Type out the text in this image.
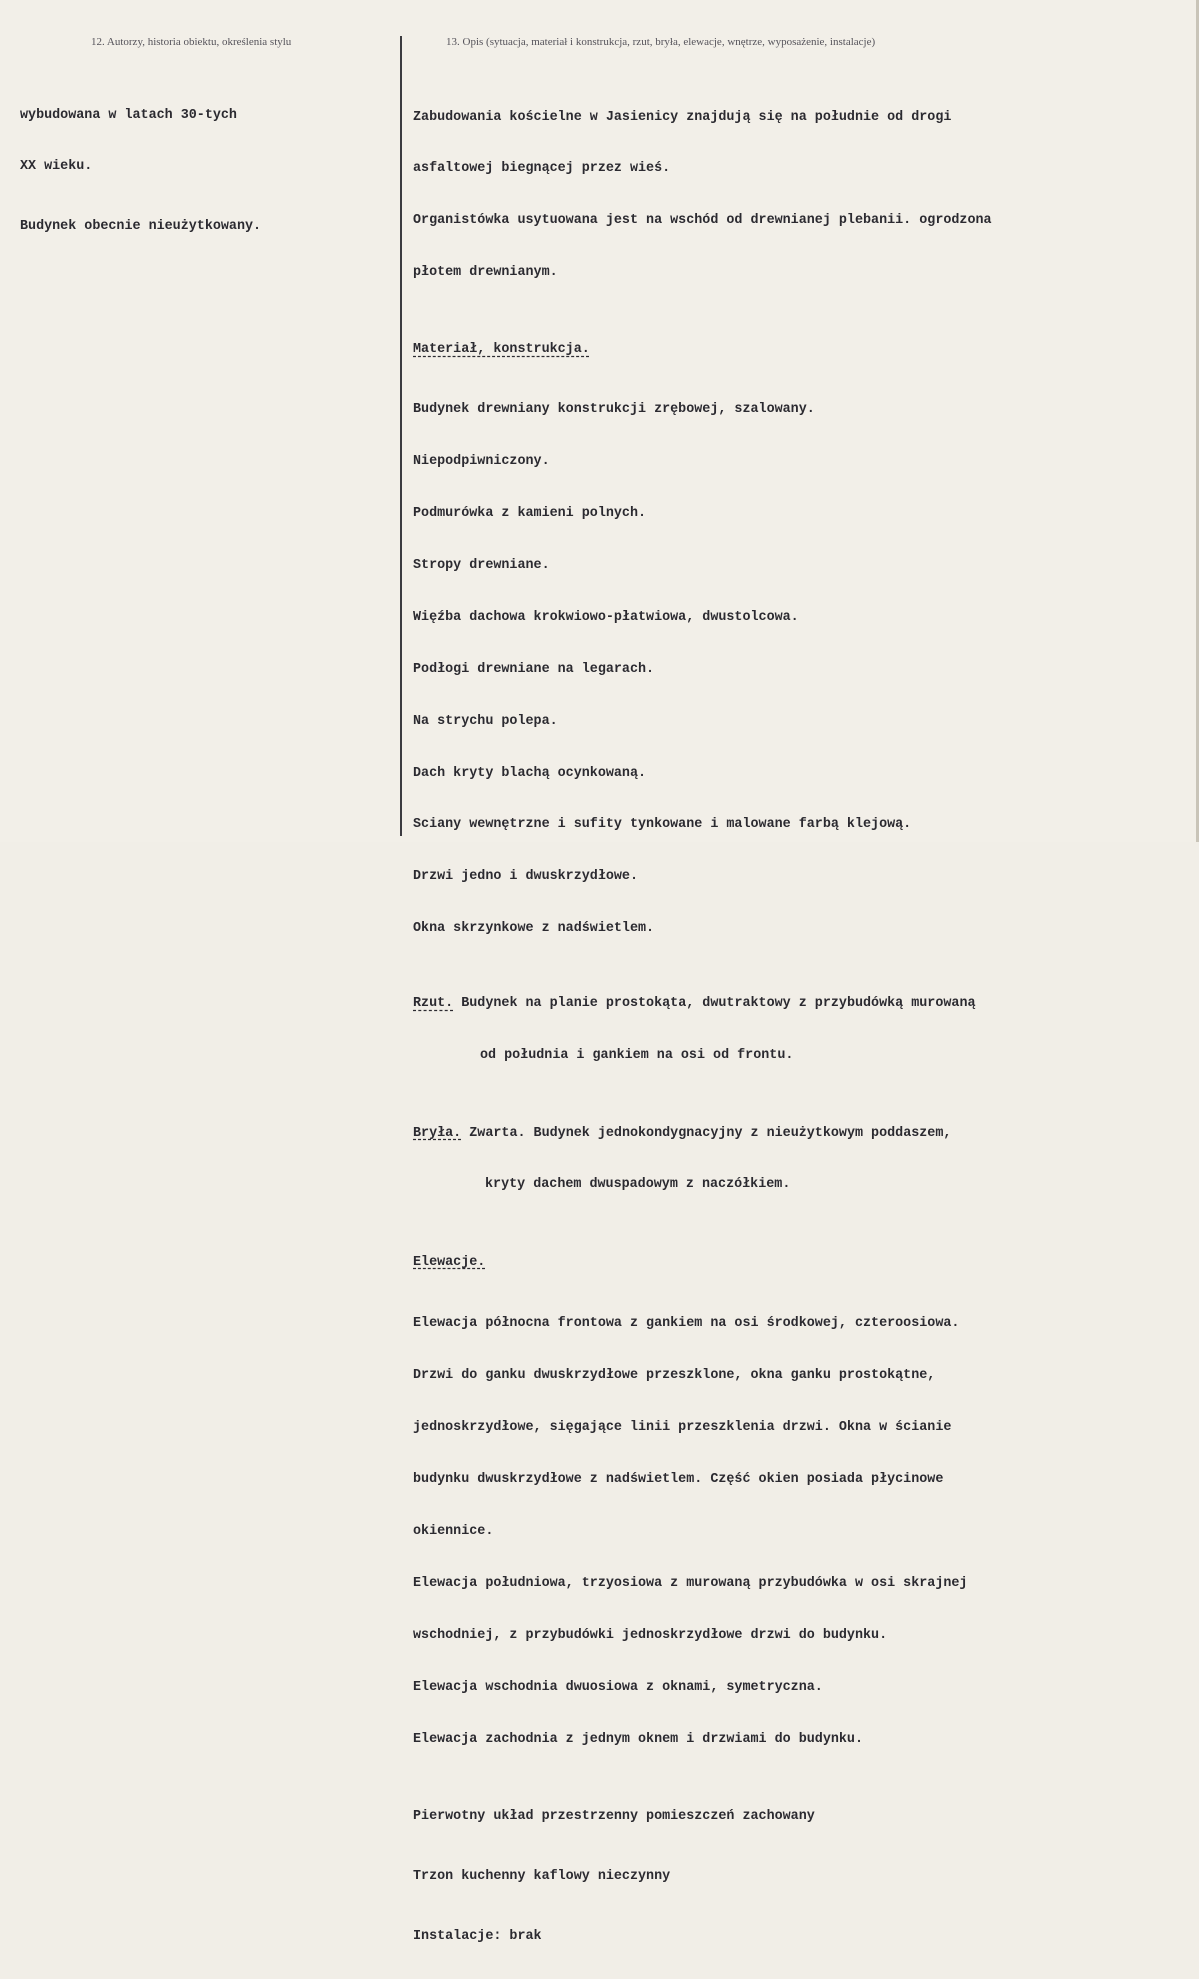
12. Autorzy, historia obiektu, określenia stylu	13. Opis (sytuacja, materiał i konstrukcja, rzut, bryła, elewacje, wnętrze, wyposażenie, instalacje)

wybudowana w latach 30-tych

XX wieku.

Budynek obecnie nieużytkowany.

Zabudowania kościelne w Jasienicy znajdują się na południe od drogi

asfaltowej biegnącej przez wieś.

Organistówka usytuowana jest na wschód od drewnianej plebanii. ogrodzona

płotem drewnianym.

Materiał, konstrukcja.

Budynek drewniany konstrukcji zrębowej, szalowany.

Niepodpiwniczony.

Podmurówka z kamieni polnych.

Stropy drewniane.

Więźba dachowa krokwiowo-płatwiowa, dwustolcowa.

Podłogi drewniane na legarach.

Na strychu polepa.

Dach kryty blachą ocynkowaną.

Sciany wewnętrzne i sufity tynkowane i malowane farbą klejową.

Drzwi jedno i dwuskrzydłowe.

Okna skrzynkowe z nadświetlem.

Rzut. Budynek na planie prostokąta, dwutraktowy z przybudówką murowaną

od południa i gankiem na osi od frontu.

Bryła. Zwarta. Budynek jednokondygnacyjny z nieużytkowym poddaszem,

kryty dachem dwuspadowym z naczółkiem.

Elewacje.

Elewacja północna frontowa z gankiem na osi środkowej, czteroosiowa.

Drzwi do ganku dwuskrzydłowe przeszklone, okna ganku prostokątne,

jednoskrzydłowe, sięgające linii przeszklenia drzwi. Okna w ścianie

budynku dwuskrzydłowe z nadświetlem. Część okien posiada płycinowe

okiennice.

Elewacja południowa, trzyosiowa z murowaną przybudówka w osi skrajnej

wschodniej, z przybudówki jednoskrzydłowe drzwi do budynku.

Elewacja wschodnia dwuosiowa z oknami, symetryczna.

Elewacja zachodnia z jednym oknem i drzwiami do budynku.

Pierwotny układ przestrzenny pomieszczeń zachowany

Trzon kuchenny kaflowy nieczynny

Instalacje: brak
